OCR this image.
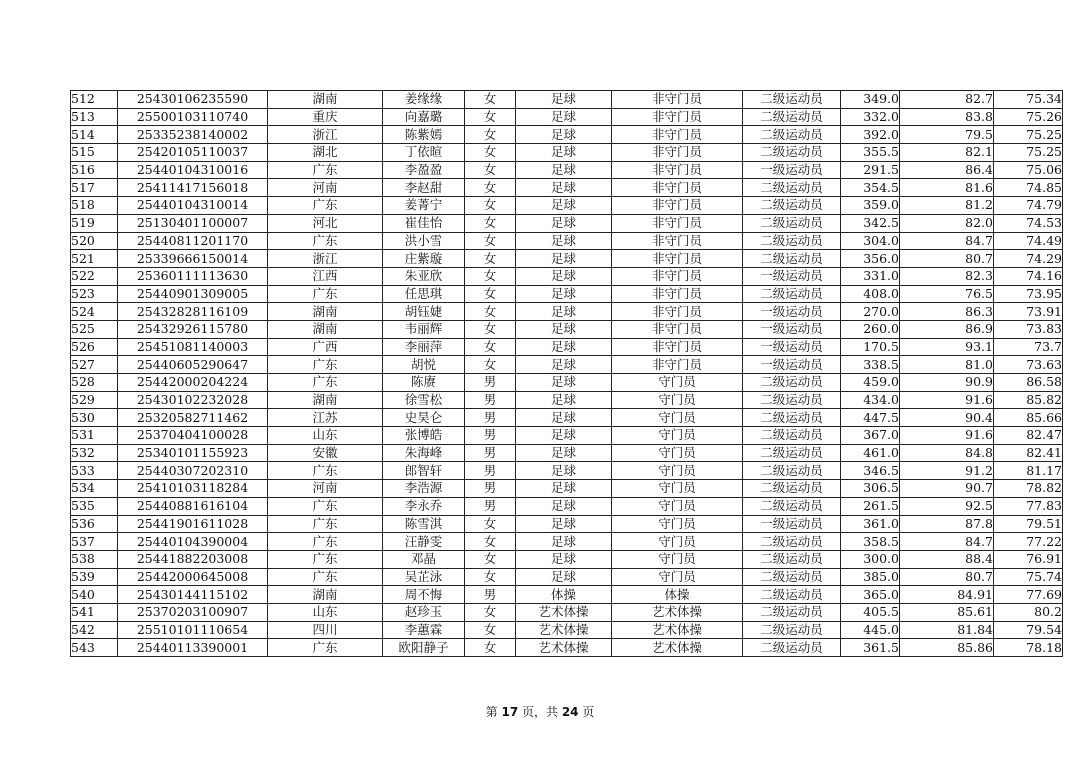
512	25430106235590	湖南	姜缘缘	女	足球	非守门员	二级运动员	349.0	82.7	75.34
513	25500103110740	重庆	向嘉璐	女	足球	非守门员	二级运动员	332.0	83.8	75.26
514	25335238140002	浙江	陈紫嫣	女	足球	非守门员	二级运动员	392.0	79.5	75.25
515	25420105110037	湖北	丁依暄	女	足球	非守门员	二级运动员	355.5	82.1	75.25
516	25440104310016	广东	李盈盈	女	足球	非守门员	一级运动员	291.5	86.4	75.06
517	25411417156018	河南	李赵甜	女	足球	非守门员	二级运动员	354.5	81.6	74.85
518	25440104310014	广东	姜菁宁	女	足球	非守门员	二级运动员	359.0	81.2	74.79
519	25130401100007	河北	崔佳怡	女	足球	非守门员	二级运动员	342.5	82.0	74.53
520	25440811201170	广东	洪小雪	女	足球	非守门员	二级运动员	304.0	84.7	74.49
521	25339666150014	浙江	庄紫璇	女	足球	非守门员	二级运动员	356.0	80.7	74.29
522	25360111113630	江西	朱亚欣	女	足球	非守门员	一级运动员	331.0	82.3	74.16
523	25440901309005	广东	任思琪	女	足球	非守门员	二级运动员	408.0	76.5	73.95
524	25432828116109	湖南	胡钰婕	女	足球	非守门员	一级运动员	270.0	86.3	73.91
525	25432926115780	湖南	韦丽辉	女	足球	非守门员	一级运动员	260.0	86.9	73.83
526	25451081140003	广西	李丽萍	女	足球	非守门员	一级运动员	170.5	93.1	73.7
527	25440605290647	广东	胡悦	女	足球	非守门员	一级运动员	338.5	81.0	73.63
528	25442000204224	广东	陈赓	男	足球	守门员	二级运动员	459.0	90.9	86.58
529	25430102232028	湖南	徐雪松	男	足球	守门员	二级运动员	434.0	91.6	85.82
530	25320582711462	江苏	史昊仑	男	足球	守门员	二级运动员	447.5	90.4	85.66
531	25370404100028	山东	张博皓	男	足球	守门员	二级运动员	367.0	91.6	82.47
532	25340101155923	安徽	朱海峰	男	足球	守门员	二级运动员	461.0	84.8	82.41
533	25440307202310	广东	郎智轩	男	足球	守门员	二级运动员	346.5	91.2	81.17
534	25410103118284	河南	李浩源	男	足球	守门员	二级运动员	306.5	90.7	78.82
535	25440881616104	广东	李永乔	男	足球	守门员	二级运动员	261.5	92.5	77.83
536	25441901611028	广东	陈雪淇	女	足球	守门员	一级运动员	361.0	87.8	79.51
537	25440104390004	广东	汪静雯	女	足球	守门员	二级运动员	358.5	84.7	77.22
538	25441882203008	广东	邓晶	女	足球	守门员	二级运动员	300.0	88.4	76.91
539	25442000645008	广东	吴芷泳	女	足球	守门员	二级运动员	385.0	80.7	75.74
540	25430144115102	湖南	周不悔	男	体操	体操	二级运动员	365.0	84.91	77.69
541	25370203100907	山东	赵珍玉	女	艺术体操	艺术体操	二级运动员	405.5	85.61	80.2
542	25510101110654	四川	李蕙霖	女	艺术体操	艺术体操	二级运动员	445.0	81.84	79.54
543	25440113390001	广东	欧阳静子	女	艺术体操	艺术体操	二级运动员	361.5	85.86	78.18
第 17 页，共 24 页
